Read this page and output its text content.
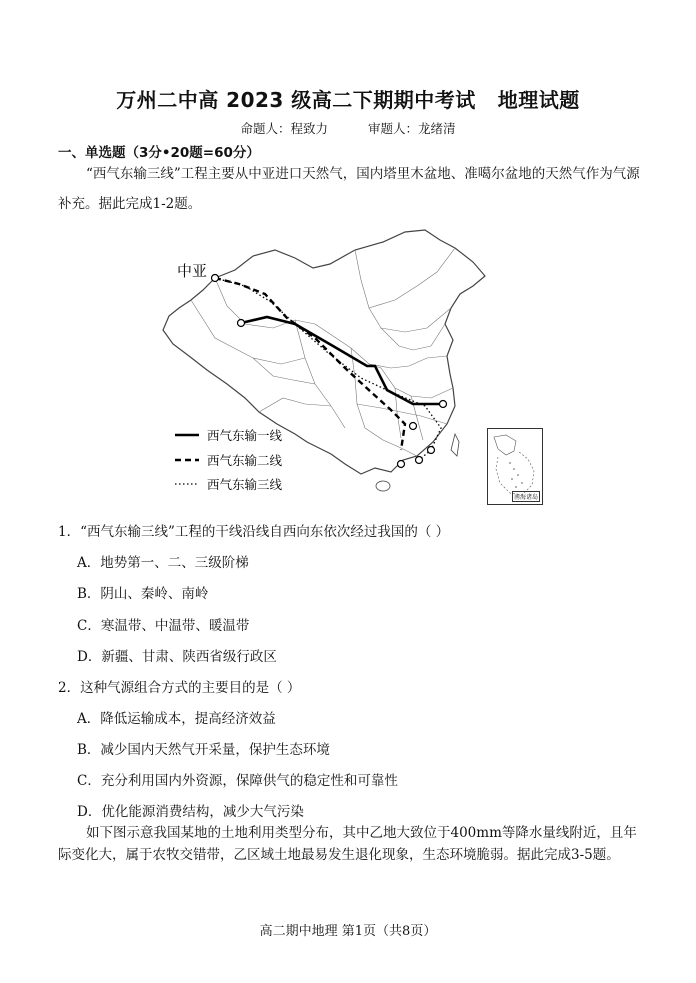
万州二中高 2023 级高二下期期中考试 地理试题
命题人：程致力	审题人：龙绪清
一、单选题（3分•20题=60分）
“西气东输三线”工程主要从中亚进口天然气，国内塔里木盆地、准噶尔盆地的天然气作为气源补充。据此完成1-2题。
中亚
西气东输一线
西气东输二线
西气东输三线
南海诸岛
1．“西气东输三线”工程的干线沿线自西向东依次经过我国的（ ）
A．地势第一、二、三级阶梯
B．阴山、秦岭、南岭
C．寒温带、中温带、暖温带
D．新疆、甘肃、陕西省级行政区
2．这种气源组合方式的主要目的是（ ）
A．降低运输成本，提高经济效益
B．减少国内天然气开采量，保护生态环境
C．充分利用国内外资源，保障供气的稳定性和可靠性
D．优化能源消费结构，减少大气污染
如下图示意我国某地的土地利用类型分布，其中乙地大致位于400mm等降水量线附近，且年际变化大，属于农牧交错带，乙区域土地最易发生退化现象，生态环境脆弱。据此完成3-5题。
高二期中地理 第1页（共8页）
